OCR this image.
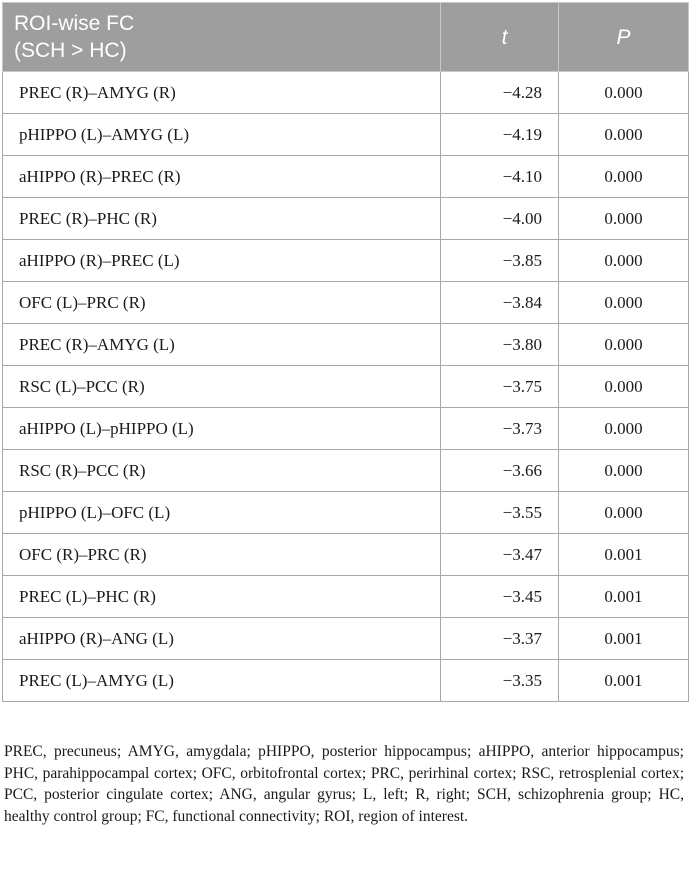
ROI-wise FC
(SCH > HC)	t	P
PREC (R)–AMYG (R)	−4.28	0.000
pHIPPO (L)–AMYG (L)	−4.19	0.000
aHIPPO (R)–PREC (R)	−4.10	0.000
PREC (R)–PHC (R)	−4.00	0.000
aHIPPO (R)–PREC (L)	−3.85	0.000
OFC (L)–PRC (R)	−3.84	0.000
PREC (R)–AMYG (L)	−3.80	0.000
RSC (L)–PCC (R)	−3.75	0.000
aHIPPO (L)–pHIPPO (L)	−3.73	0.000
RSC (R)–PCC (R)	−3.66	0.000
pHIPPO (L)–OFC (L)	−3.55	0.000
OFC (R)–PRC (R)	−3.47	0.001
PREC (L)–PHC (R)	−3.45	0.001
aHIPPO (R)–ANG (L)	−3.37	0.001
PREC (L)–AMYG (L)	−3.35	0.001

PREC, precuneus; AMYG, amygdala; pHIPPO, posterior hippocampus; aHIPPO, anterior hippocampus; PHC, parahippocampal cortex; OFC, orbitofrontal cortex; PRC, perirhinal cortex; RSC, retrosplenial cortex; PCC, posterior cingulate cortex; ANG, angular gyrus; L, left; R, right; SCH, schizophrenia group; HC, healthy control group; FC, functional connectivity; ROI, region of interest.
